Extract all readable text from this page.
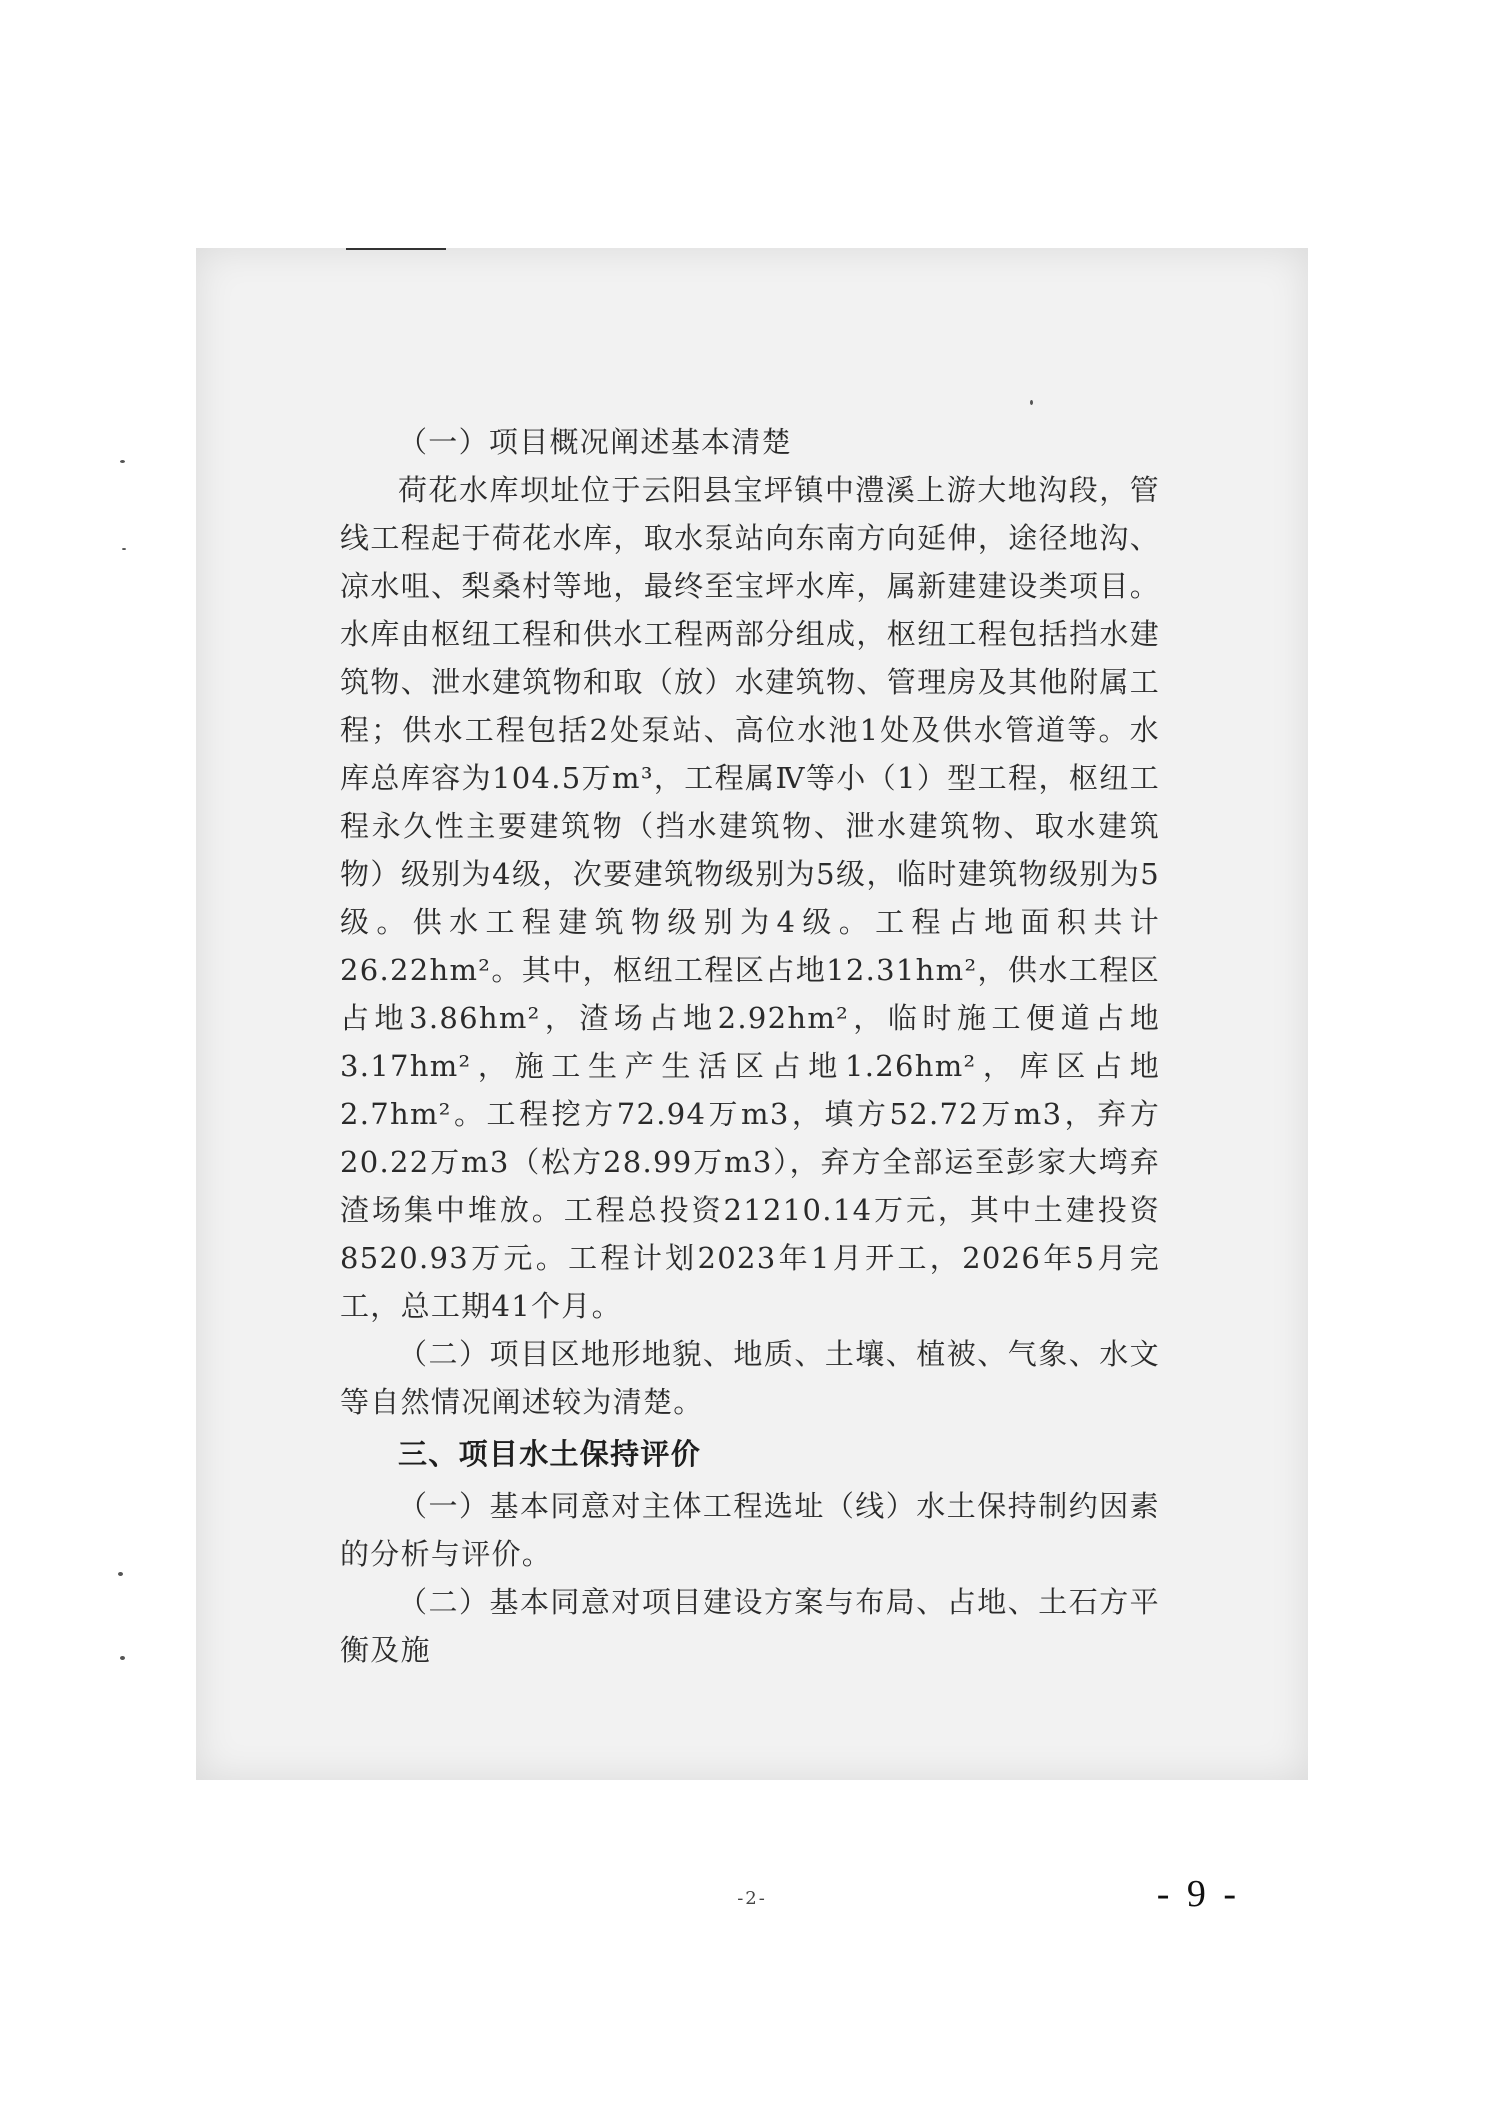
-2-

（一）项目概况阐述基本清楚

荷花水库坝址位于云阳县宝坪镇中澧溪上游大地沟段，管线工程起于荷花水库，取水泵站向东南方向延伸，途径地沟、凉水咀、梨桑村等地，最终至宝坪水库，属新建建设类项目。水库由枢纽工程和供水工程两部分组成，枢纽工程包括挡水建筑物、泄水建筑物和取（放）水建筑物、管理房及其他附属工程；供水工程包括2处泵站、高位水池1处及供水管道等。水库总库容为104.5万m³，工程属Ⅳ等小（1）型工程，枢纽工程永久性主要建筑物（挡水建筑物、泄水建筑物、取水建筑物）级别为4级，次要建筑物级别为5级，临时建筑物级别为5级。供水工程建筑物级别为4级。工程占地面积共计26.22hm²。其中，枢纽工程区占地12.31hm²，供水工程区占地3.86hm²，渣场占地2.92hm²，临时施工便道占地3.17hm²，施工生产生活区占地1.26hm²，库区占地2.7hm²。工程挖方72.94万m3，填方52.72万m3，弃方20.22万m3（松方28.99万m3），弃方全部运至彭家大塆弃渣场集中堆放。工程总投资21210.14万元，其中土建投资8520.93万元。工程计划2023年1月开工，2026年5月完工，总工期41个月。

（二）项目区地形地貌、地质、土壤、植被、气象、水文等自然情况阐述较为清楚。

三、项目水土保持评价

（一）基本同意对主体工程选址（线）水土保持制约因素的分析与评价。

（二）基本同意对项目建设方案与布局、占地、土石方平衡及施

- 9 -
